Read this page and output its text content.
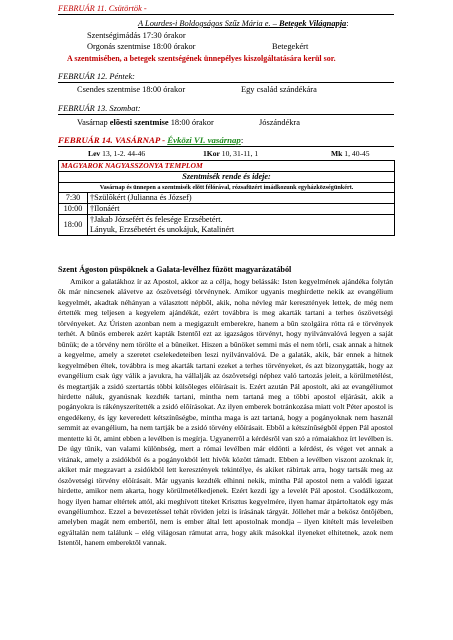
FEBRUÁR 11. Csütörtök -
A Lourdes-i Boldogságos Szűz Mária e. – Betegek Világnapja:
Szentségimádás 17:30 órakor
Orgonás szentmise 18:00 órakor	Betegekért
A szentmisében, a betegek szentségének ünnepélyes kiszolgáltatására kerül sor.
FEBRUÁR 12. Péntek:
Csendes szentmise 18:00 órakor	Egy család szándékára
FEBRUÁR 13. Szombat:
Vasárnap elõesti szentmise 18:00 órakor	Jószándékra
FEBRUÁR 14. VASÁRNAP - Évközi VI. vasárnap:
Lev 13, 1-2. 44-46	1Kor 10, 31-11, 1	Mk 1, 40-45
MAGYAROK NAGYASSZONYA TEMPLOM	
Szentmisék rende és ideje:	
Vasárnap és ünnepen a szentmisék elõtt félórával, rózsafüzért imádkozunk egyházközségünkért.	
7:30	†Szülõkért (Julianna és József)
10:00	†Ilonáért
18:00	†Jakab Józsefért és felesége Erzsébetért.
Lányuk, Erzsébetért és unokájuk, Katalinért
Szent Ágoston püspöknek a Galata-levélhez fûzött magyarázatából

Amikor a galatákhoz ír az Apostol, akkor az a célja, hogy belássák: Isten kegyelmének ajándéka folytán õk már nincsenek alávetve az ószövetségi törvénynek. Amikor ugyanis meghirdette nekik az evangélium kegyelmét, akadtak néhányan a választott népbõl, akik, noha névleg már keresztények lettek, de még nem értették meg teljesen a kegyelem ajándékát, ezért továbbra is meg akarták tartani a terhes ószövetségi törvényeket. Az Úristen azonban nem a megigazult emberekre, hanem a bûn szolgáira rótta rá e törvények terhét. A bûnös emberek azért kapták Istentõl ezt az igazságos törvényt, hogy nyilvánvalóvá legyen a saját bûnük; de a törvény nem törölte el a bûneiket. Hiszen a bûnöket semmi más el nem törli, csak annak a hitnek a kegyelme, amely a szeretet cselekedeteiben leszi nyilvánvalóvá. De a galaták, akik, bár ennek a hitnek kegyelmében éltek, továbbra is meg akarták tartani ezeket a terhes törvényeket, és azt bizonygatták, hogy az evangélium csak úgy válik a javukra, ha vállalják az ószövetségi néphez való tartozás jeleit, a körülmetélést, és megtartják a zsidó szertartás többi külsõleges elõírásait is. Ezért azután Pál apostolt, aki az evangéliumot hirdette náluk, gyanúsnak kezdték tartani, mintha nem tartaná meg a többi apostol eljárását, akik a pogányokra is rákényszerítették a zsidó elõírásokat. Az ilyen emberek botránkozása miatt volt Péter apostol is engedékeny, és így keveredett kétszínûségbe, mintha maga is azt tartaná, hogy a pogányoknak nem használ semmit az evangélium, ha nem tartják be a zsidó törvény elõírásait. Ebbõl a kétszínûségbõl éppen Pál apostol mentette ki õt, amint ebben a levélben is megírja. Ugyanerrõl a kérdésrõl van szó a rómaiakhoz írt levélben is. De úgy tûnik, van valami különbség, mert a római levélben már eldönti a kérdést, és véget vet annak a vitának, amely a zsidókból és a pogányokból lett hívõk között támadt. Ebben a levélben viszont azoknak ír, akiket már megzavart a zsidókból lett keresztények tekintélye, és akiket rábírtak arra, hogy tartsák meg az ószövetségi törvény elõírásait. Már ugyanis kezdték elhinni nekik, mintha Pál apostol nem a valódi igazat hirdette, amikor nem akarta, hogy körülmetélkedjenek. Ezért kezdi így a levelét Pál apostol. Csodálkozom, hogy ilyen hamar eltértek attól, aki meghívott titeket Krisztus kegyelmére, ilyen hamar átpártoltatok egy más evangéliumhoz. Ezzel a bevezetéssel tehát röviden jelzi is írásának tárgyát. Jóllehet már a bekösz öntõjében, amelyben magát nem embertõl, nem is ember által lett apostolnak mondja – ilyen kitételt más leveleiben egyáltalán nem találunk – elég világosan rámutat arra, hogy akik másokkal ilyeneket elhitetnek, azok nem Istentõl, hanem emberektõl vannak.
